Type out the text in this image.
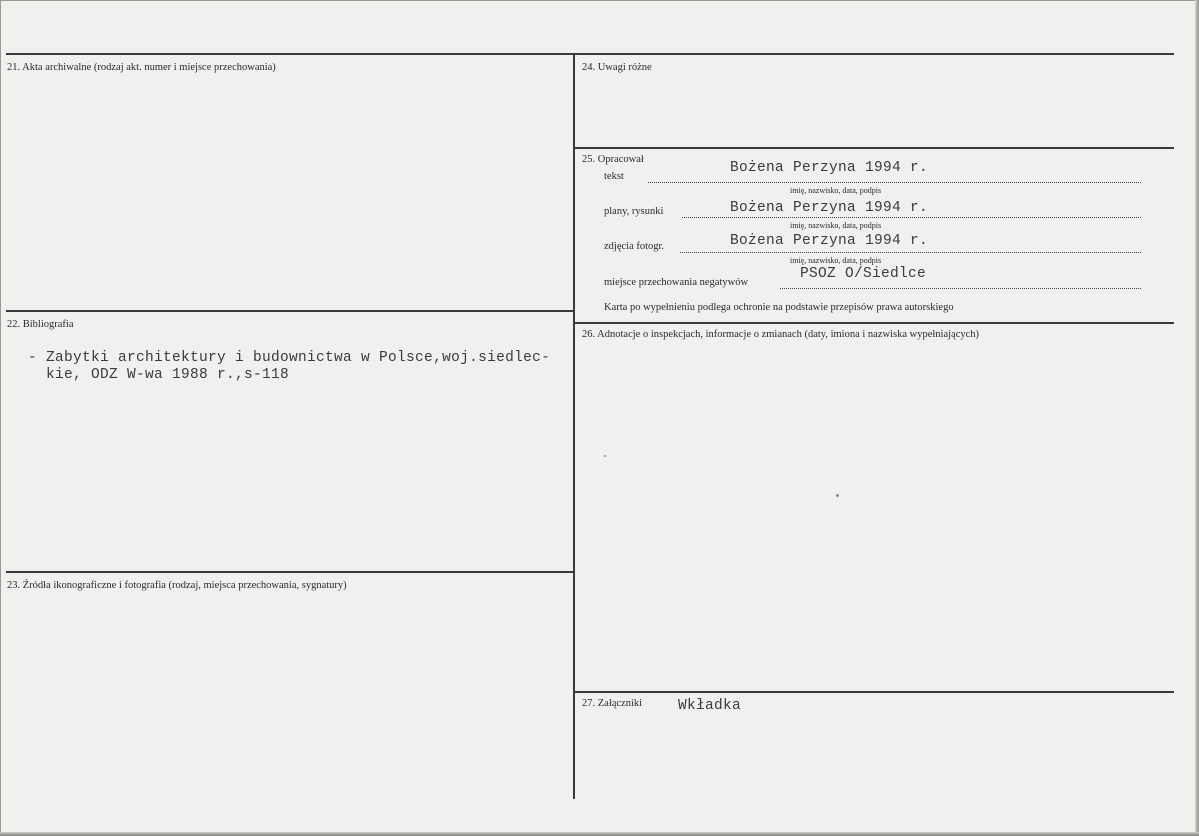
21. Akta archiwalne (rodzaj akt. numer i miejsce przechowania)
22. Bibliografia
- Zabytki architektury i budownictwa w Polsce,woj.siedlec-
kie, ODZ W-wa 1988 r.,s-118
23. Źródła ikonograficzne i fotografia (rodzaj, miejsca przechowania, sygnatury)
24. Uwagi różne
25. Opracował
tekst
Bożena Perzyna 1994 r.
imię, nazwisko, data, podpis
plany, rysunki	Bożena Perzyna 1994 r.
imię, nazwisko, data, podpis
zdjęcia fotogr.	Bożena Perzyna 1994 r.
imię, nazwisko, data, podpis
miejsce przechowania negatywów
PSOZ O/Siedlce
Karta po wypełnieniu podlega ochronie na podstawie przepisów prawa autorskiego
26. Adnotacje o inspekcjach, informacje o zmianach (daty, imiona i nazwiska wypełniających)
27. Załączniki Wkładka
